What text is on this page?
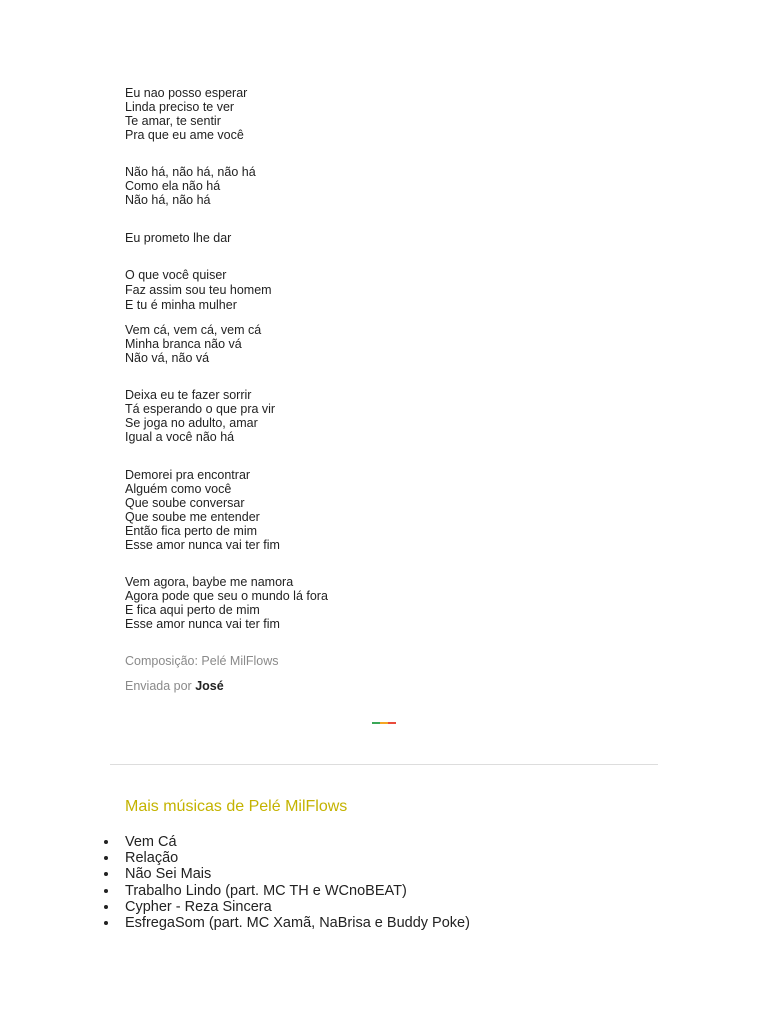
Eu nao posso esperar
Linda preciso te ver
Te amar, te sentir
Pra que eu ame você
Não há, não há, não há
Como ela não há
Não há, não há
Eu prometo lhe dar
O que você quiser
Faz assim sou teu homem
E tu é minha mulher
Vem cá, vem cá, vem cá
Minha branca não vá
Não vá, não vá
Deixa eu te fazer sorrir
Tá esperando o que pra vir
Se joga no adulto, amar
Igual a você não há
Demorei pra encontrar
Alguém como você
Que soube conversar
Que soube me entender
Então fica perto de mim
Esse amor nunca vai ter fim
Vem agora, baybe me namora
Agora pode que seu o mundo lá fora
E fica aqui perto de mim
Esse amor nunca vai ter fim
Composição: Pelé MilFlows
Enviada por José
Mais músicas de Pelé MilFlows
Vem Cá
Relação
Não Sei Mais
Trabalho Lindo (part. MC TH e WCnoBEAT)
Cypher - Reza Sincera
EsfregaSom (part. MC Xamã, NaBrisa e Buddy Poke)
